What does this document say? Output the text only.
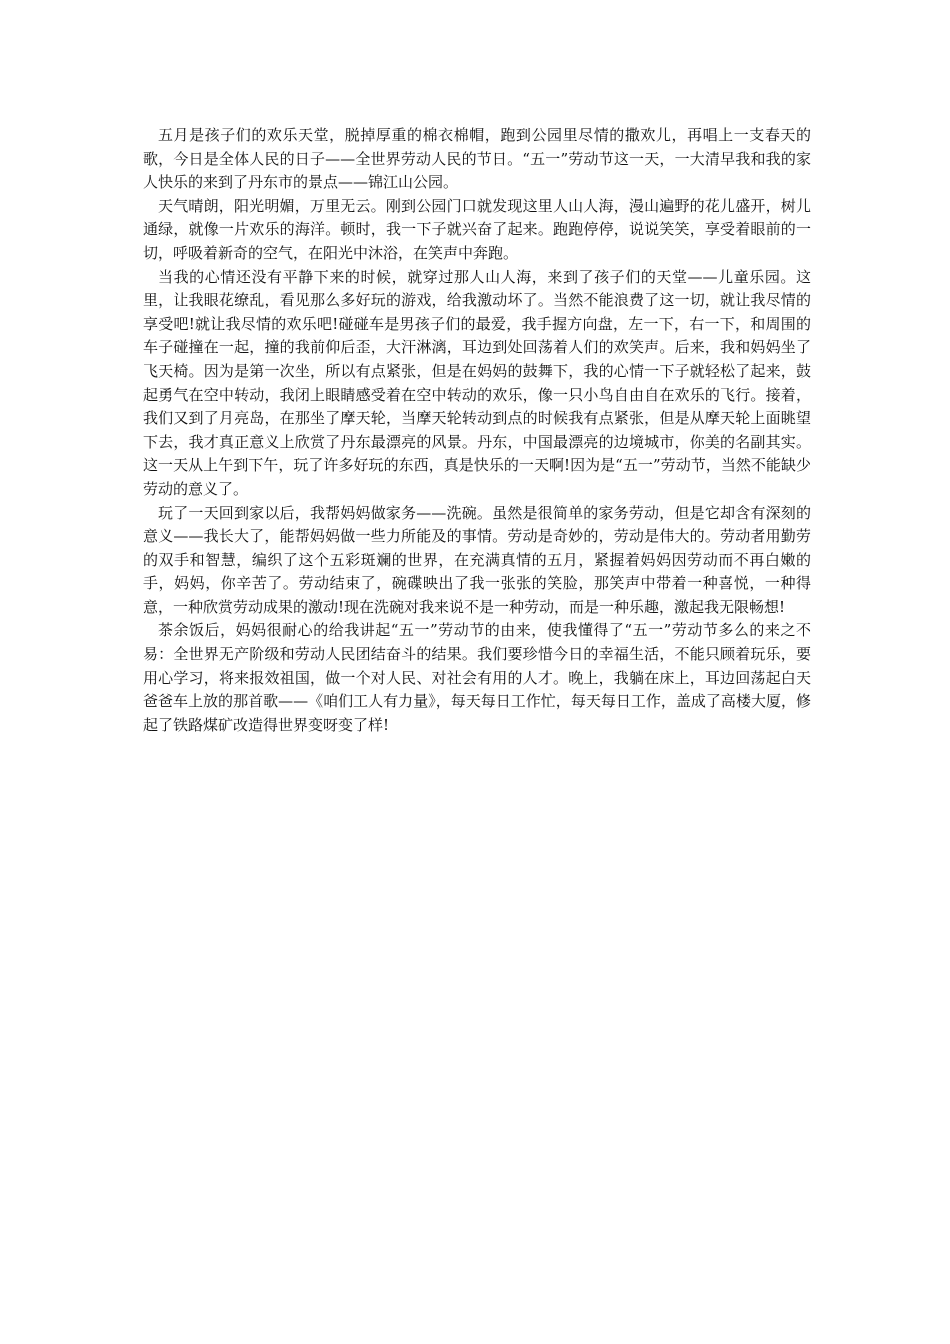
五月是孩子们的欢乐天堂，脱掉厚重的棉衣棉帽，跑到公园里尽情的撒欢儿，再唱上一支春天的歌，今日是全体人民的日子——全世界劳动人民的节日。“五一”劳动节这一天，一大清早我和我的家人快乐的来到了丹东市的景点——锦江山公园。

天气晴朗，阳光明媚，万里无云。刚到公园门口就发现这里人山人海，漫山遍野的花儿盛开，树儿通绿，就像一片欢乐的海洋。顿时，我一下子就兴奋了起来。跑跑停停，说说笑笑，享受着眼前的一切，呼吸着新奇的空气，在阳光中沐浴，在笑声中奔跑。

当我的心情还没有平静下来的时候，就穿过那人山人海，来到了孩子们的天堂——儿童乐园。这里，让我眼花缭乱，看见那么多好玩的游戏，给我激动坏了。当然不能浪费了这一切，就让我尽情的享受吧!就让我尽情的欢乐吧!碰碰车是男孩子们的最爱，我手握方向盘，左一下，右一下，和周围的车子碰撞在一起，撞的我前仰后歪，大汗淋漓，耳边到处回荡着人们的欢笑声。后来，我和妈妈坐了飞天椅。因为是第一次坐，所以有点紧张，但是在妈妈的鼓舞下，我的心情一下子就轻松了起来，鼓起勇气在空中转动，我闭上眼睛感受着在空中转动的欢乐，像一只小鸟自由自在欢乐的飞行。接着，我们又到了月亮岛，在那坐了摩天轮，当摩天轮转动到点的时候我有点紧张，但是从摩天轮上面眺望下去，我才真正意义上欣赏了丹东最漂亮的风景。丹东，中国最漂亮的边境城市，你美的名副其实。这一天从上午到下午，玩了许多好玩的东西，真是快乐的一天啊!因为是“五一”劳动节，当然不能缺少劳动的意义了。

玩了一天回到家以后，我帮妈妈做家务——洗碗。虽然是很简单的家务劳动，但是它却含有深刻的意义——我长大了，能帮妈妈做一些力所能及的事情。劳动是奇妙的，劳动是伟大的。劳动者用勤劳的双手和智慧，编织了这个五彩斑斓的世界，在充满真情的五月，紧握着妈妈因劳动而不再白嫩的手，妈妈，你辛苦了。劳动结束了，碗碟映出了我一张张的笑脸，那笑声中带着一种喜悦，一种得意，一种欣赏劳动成果的激动!现在洗碗对我来说不是一种劳动，而是一种乐趣，激起我无限畅想!

茶余饭后，妈妈很耐心的给我讲起“五一”劳动节的由来，使我懂得了“五一”劳动节多么的来之不易：全世界无产阶级和劳动人民团结奋斗的结果。我们要珍惜今日的幸福生活，不能只顾着玩乐，要用心学习，将来报效祖国，做一个对人民、对社会有用的人才。晚上，我躺在床上，耳边回荡起白天爸爸车上放的那首歌——《咱们工人有力量》，每天每日工作忙，每天每日工作，盖成了高楼大厦，修起了铁路煤矿改造得世界变呀变了样!
